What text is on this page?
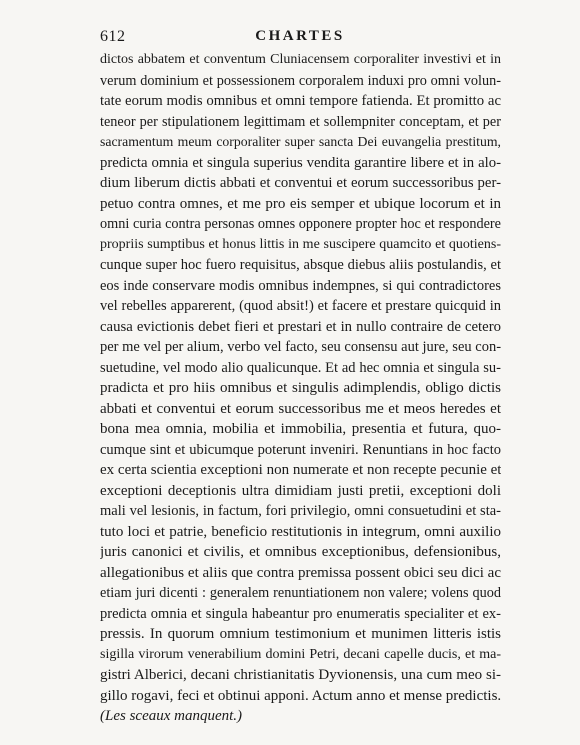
612	CHARTES
dictos abbatem et conventum Cluniacensem corporaliter investivi et in
verum dominium et possessionem corporalem induxi pro omni volun-
tate eorum modis omnibus et omni tempore fatienda. Et promitto ac
teneor per stipulationem legittimam et sollempniter conceptam, et per
sacramentum meum corporaliter super sancta Dei euvangelia prestitum,
predicta omnia et singula superius vendita garantire libere et in alo-
dium liberum dictis abbati et conventui et eorum successoribus per-
petuo contra omnes, et me pro eis semper et ubique locorum et in
omni curia contra personas omnes opponere propter hoc et respondere
propriis sumptibus et honus littis in me suscipere quamcito et quotiens-
cunque super hoc fuero requisitus, absque diebus aliis postulandis, et
eos inde conservare modis omnibus indempnes, si qui contradictores
vel rebelles apparerent, (quod absit!) et facere et prestare quicquid in
causa evictionis debet fieri et prestari et in nullo contraire de cetero
per me vel per alium, verbo vel facto, seu consensu aut jure, seu con-
suetudine, vel modo alio qualicunque. Et ad hec omnia et singula su-
pradicta et pro hiis omnibus et singulis adimplendis, obligo dictis
abbati et conventui et eorum successoribus me et meos heredes et
bona mea omnia, mobilia et immobilia, presentia et futura, quo-
cumque sint et ubicumque poterunt inveniri. Renuntians in hoc facto
ex certa scientia exceptioni non numerate et non recepte pecunie et
exceptioni deceptionis ultra dimidiam justi pretii, exceptioni doli
mali vel lesionis, in factum, fori privilegio, omni consuetudini et sta-
tuto loci et patrie, beneficio restitutionis in integrum, omni auxilio
juris canonici et civilis, et omnibus exceptionibus, defensionibus,
allegationibus et aliis que contra premissa possent obici seu dici ac
etiam juri dicenti : generalem renuntiationem non valere; volens quod
predicta omnia et singula habeantur pro enumeratis specialiter et ex-
pressis. In quorum omnium testimonium et munimen litteris istis
sigilla virorum venerabilium domini Petri, decani capelle ducis, et ma-
gistri Alberici, decani christianitatis Dyvionensis, una cum meo si-
gillo rogavi, feci et obtinui apponi. Actum anno et mense predictis.
(Les sceaux manquent.)
